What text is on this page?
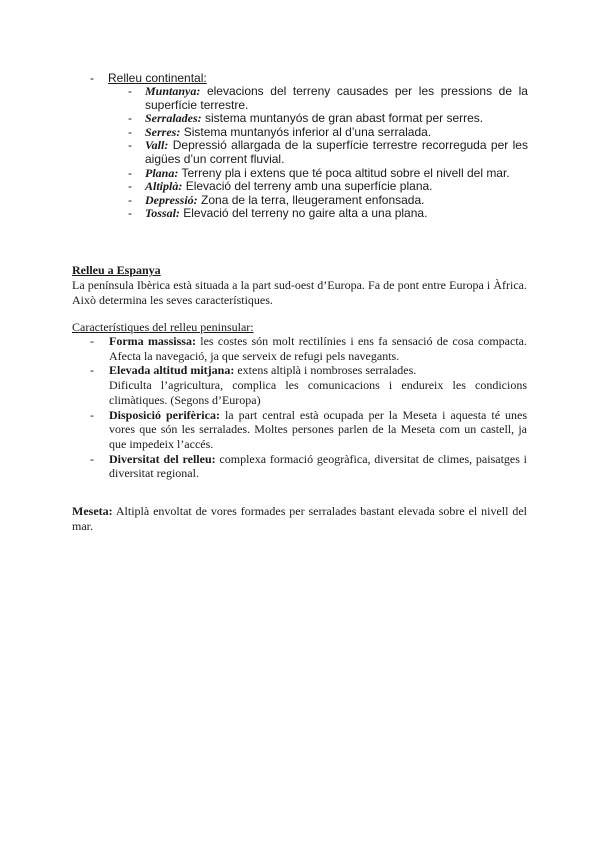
- Relleu continental:
- Muntanya: elevacions del terreny causades per les pressions de la superfície terrestre.
- Serralades: sistema muntanyós de gran abast format per serres.
- Serres: Sistema muntanyós inferior al d’una serralada.
- Vall: Depressió allargada de la superfície terrestre recorreguda per les aigües d’un corrent fluvial.
- Plana: Terreny pla i extens que té poca altitud sobre el nivell del mar.
- Altiplà: Elevació del terreny amb una superfície plana.
- Depressió: Zona de la terra, lleugerament enfonsada.
- Tossal: Elevació del terreny no gaire alta a una plana.
Relleu a Espanya
La península Ibèrica està situada a la part sud-oest d’Europa. Fa de pont entre Europa i Àfrica. Això determina les seves característiques.
Característiques del relleu peninsular:
- Forma massissa: les costes són molt rectilínies i ens fa sensació de cosa compacta. Afecta la navegació, ja que serveix de refugi pels navegants.
- Elevada altitud mitjana: extens altiplà i nombroses serralades.
Dificulta l’agricultura, complica les comunicacions i endureix les condicions climàtiques. (Segons d’Europa)
- Disposició perifèrica: la part central està ocupada per la Meseta i aquesta té unes vores que són les serralades. Moltes persones parlen de la Meseta com un castell, ja que impedeix l’accés.
- Diversitat del relleu: complexa formació geogràfica, diversitat de climes, paisatges i diversitat regional.
Meseta: Altiplà envoltat de vores formades per serralades bastant elevada sobre el nivell del mar.
